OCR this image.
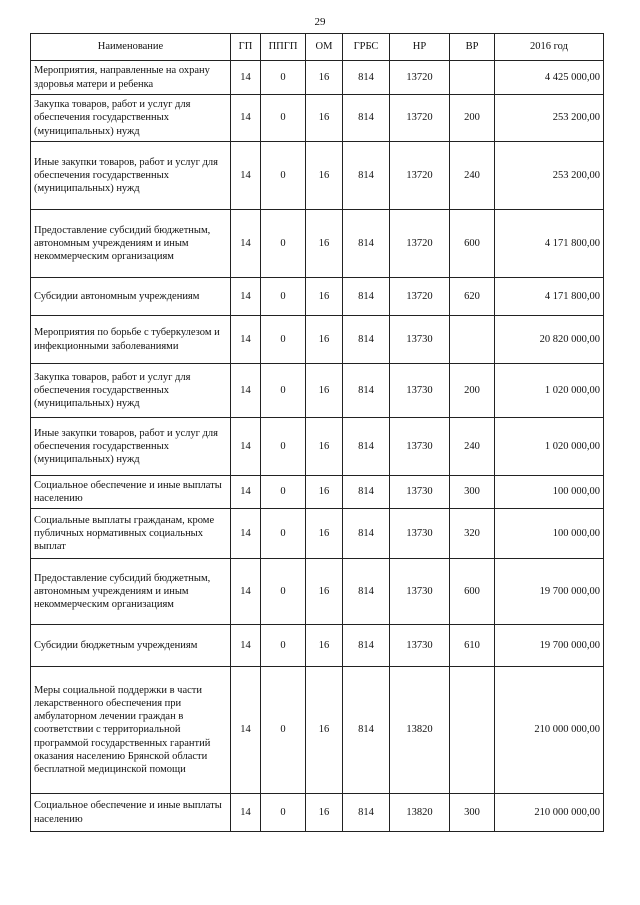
29
Наименование	ГП	ППГП	ОМ	ГРБС	НР	ВР	2016 год
Мероприятия, направленные на охрану здоровья матери и ребенка	14	0	16	814	13720		4 425 000,00
Закупка товаров, работ и услуг для обеспечения государственных (муниципальных) нужд	14	0	16	814	13720	200	253 200,00
Иные закупки товаров, работ и услуг для обеспечения государственных (муниципальных) нужд	14	0	16	814	13720	240	253 200,00
Предоставление субсидий бюджетным, автономным учреждениям и иным некоммерческим организациям	14	0	16	814	13720	600	4 171 800,00
Субсидии автономным учреждениям	14	0	16	814	13720	620	4 171 800,00
Мероприятия по борьбе с туберкулезом и инфекционными заболеваниями	14	0	16	814	13730		20 820 000,00
Закупка товаров, работ и услуг для обеспечения государственных (муниципальных) нужд	14	0	16	814	13730	200	1 020 000,00
Иные закупки товаров, работ и услуг для обеспечения государственных (муниципальных) нужд	14	0	16	814	13730	240	1 020 000,00
Социальное обеспечение и иные выплаты населению	14	0	16	814	13730	300	100 000,00
Социальные выплаты гражданам, кроме публичных нормативных социальных выплат	14	0	16	814	13730	320	100 000,00
Предоставление субсидий бюджетным, автономным учреждениям и иным некоммерческим организациям	14	0	16	814	13730	600	19 700 000,00
Субсидии бюджетным учреждениям	14	0	16	814	13730	610	19 700 000,00
Меры социальной поддержки в части лекарственного обеспечения при амбулаторном лечении граждан в соответствии с территориальной программой государственных гарантий оказания населению Брянской области бесплатной медицинской помощи	14	0	16	814	13820		210 000 000,00
Социальное обеспечение и иные выплаты населению	14	0	16	814	13820	300	210 000 000,00
